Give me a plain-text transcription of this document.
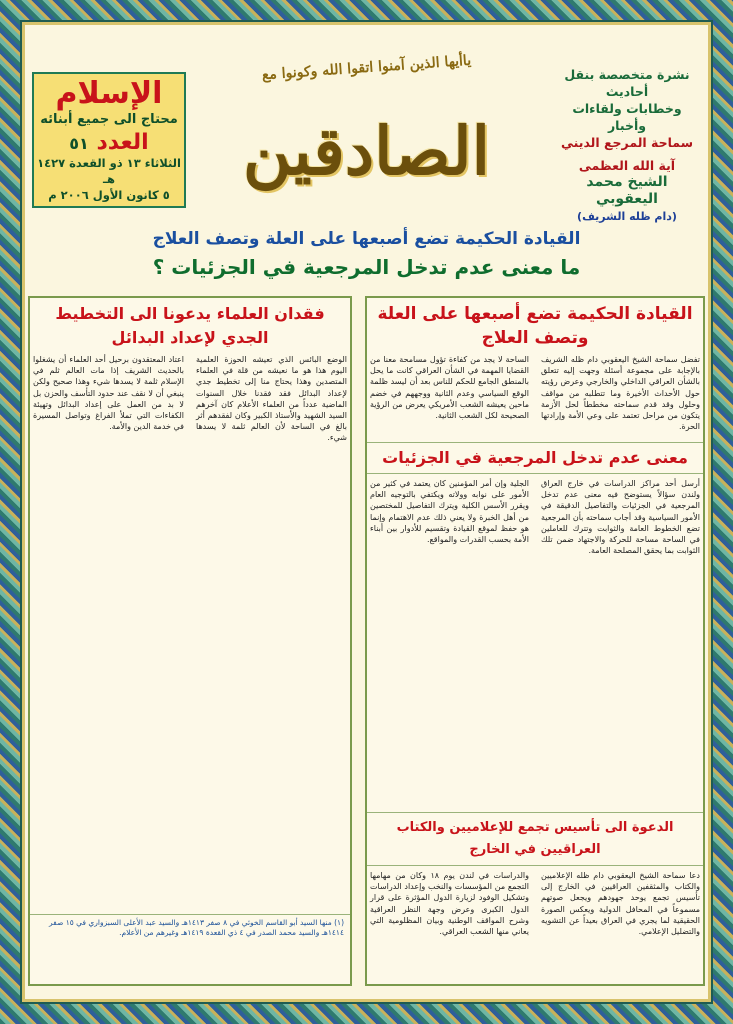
نشرة متخصصة بنقل أحاديث
وخطابات ولقاءات وأخبار
سماحة المرجع الديني
آية الله العظمى
الشيخ محمد اليعقوبي
(دام ظله الشريف)
ياأيها الذين آمنوا اتقوا الله وكونوا مع
الصادقين
الإسلام
محتاج الى جميع أبنائه
العدد ٥١
الثلاثاء ١٣ ذو القعدة ١٤٢٧ هـ
٥ كانون الأول ٢٠٠٦ م
القيادة الحكيمة تضع أصبعها على العلة وتصف العلاج
ما معنى عدم تدخل المرجعية في الجزئيات ؟
القيادة الحكيمة تضع أصبعها على العلة وتصف العلاج
تفضل سماحة الشيخ اليعقوبي دام ظله الشريف بالإجابة على مجموعة أسئلة وجهت إليه تتعلق بالشأن العراقي الداخلي والخارجي وعرض رؤيته حول الأحداث الأخيرة وما تتطلبه من مواقف وحلول وقد قدم سماحته مخططاً لحل الأزمة يتكون من مراحل تعتمد على وعي الأمة وإرادتها الحرة.
الساحة لا يجد من كفاءة تؤول مسامحة معنا من القضايا المهمة في الشأن العراقي كانت ما يحل بالمنطق الجامع للحكم للناس بعد أن ليسد ظلمة الوقع السياسي وعدم الثانية ووجههم في خضم ماحين يعيشه الشعب الأمريكي يعرض من الرؤية الصحيحة لكل الشعب الثانية.
معنى عدم تدخل المرجعية في الجزئيات
أرسل أحد مراكز الدراسات في خارج العراق ولندن سؤالاً يستوضح فيه معنى عدم تدخل المرجعية في الجزئيات والتفاصيل الدقيقة في الأمور السياسية وقد أجاب سماحته بأن المرجعية تضع الخطوط العامة والثوابت وتترك للعاملين في الساحة مساحة للحركة والاجتهاد ضمن تلك الثوابت بما يحقق المصلحة العامة.
الجلية وإن أمر المؤمنين كان يعتمد في كثير من الأمور على نوابه وولاته ويكتفي بالتوجيه العام ويقرر الأسس الكلية ويترك التفاصيل للمختصين من أهل الخبرة ولا يعني ذلك عدم الاهتمام وإنما هو حفظ لموقع القيادة وتقسيم للأدوار بين أبناء الأمة بحسب القدرات والمواقع.
الدعوة الى تأسيس تجمع للإعلاميين والكتاب العراقيين في الخارج
دعا سماحة الشيخ اليعقوبي دام ظله الإعلاميين والكتاب والمثقفين العراقيين في الخارج إلى تأسيس تجمع يوحد جهودهم ويجعل صوتهم مسموعاً في المحافل الدولية ويعكس الصورة الحقيقية لما يجري في العراق بعيداً عن التشويه والتضليل الإعلامي.
والدراسات في لندن يوم ١٨ وكان من مهامها التجمع من المؤسسات والنخب وإعداد الدراسات وتشكيل الوفود لزيارة الدول المؤثرة على قرار الدول الكبرى وعرض وجهة النظر العراقية وشرح المواقف الوطنية وبيان المظلومية التي يعاني منها الشعب العراقي.
فقدان العلماء يدعونا الى التخطيط الجدي لإعداد البدائل
الوضع البائس الذي تعيشه الحوزة العلمية اليوم هذا هو ما نعيشه من قلة في العلماء المتصدين وهذا يحتاج منا إلى تخطيط جدي لإعداد البدائل فقد فقدنا خلال السنوات الماضية عدداً من العلماء الأعلام كان آخرهم السيد الشهيد والأستاذ الكبير وكان لفقدهم أثر بالغ في الساحة لأن العالم ثلمة لا يسدها شيء.
اعتاد المعتقدون برحيل أحد العلماء أن يشغلوا بالحديث الشريف إذا مات العالم ثلم في الإسلام ثلمة لا يسدها شيء وهذا صحيح ولكن ينبغي أن لا نقف عند حدود التأسف والحزن بل لا بد من العمل على إعداد البدائل وتهيئة الكفاءات التي تملأ الفراغ وتواصل المسيرة في خدمة الدين والأمة.
(١) منها السيد أبو القاسم الخوئي في ٨ صفر ١٤١٣هـ والسيد عبد الأعلى السبزواري في ١٥ صفر ١٤١٤هـ والسيد محمد الصدر في ٤ ذي القعدة ١٤١٩هـ وغيرهم من الأعلام.
